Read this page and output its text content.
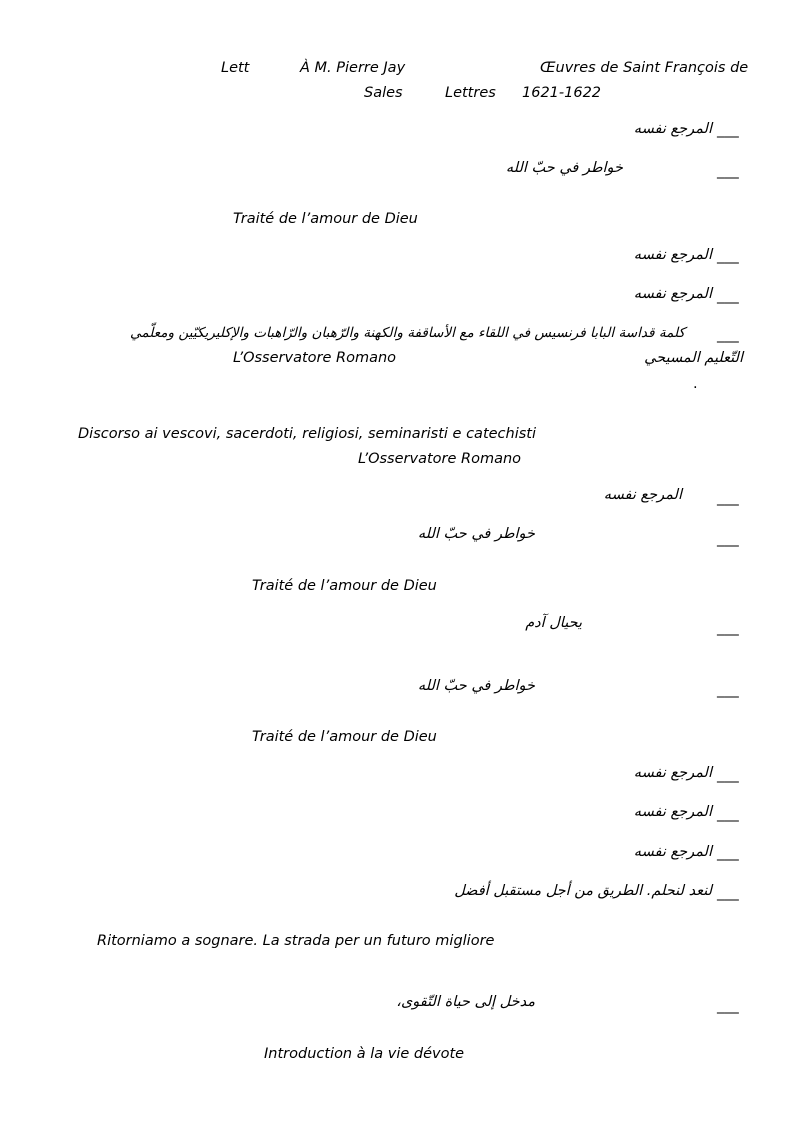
Lett	À M. Pierre Jay	Œuvres de Saint François de
Sales	Lettres 1621-1622
___
المرجع نفسه
___
خواطر في حبّ الله
Traité de l’amour de Dieu
___
المرجع نفسه
___
المرجع نفسه
___
كلمة قداسة البابا فرنسيس في اللقاء مع الأساقفة والكهنة والرّهبان والرّاهبات والإكليريكيّين ومعلّمي
التّعليم المسيحي
L’Osservatore Romano
.
Discorso ai vescovi, sacerdoti, religiosi, seminaristi e catechisti
L’Osservatore Romano
___
المرجع نفسه
___
خواطر في حبّ الله
Traité de l’amour de Dieu
___
يحيال آدم
___
خواطر في حبّ الله
Traité de l’amour de Dieu
___
المرجع نفسه
___
المرجع نفسه
___
المرجع نفسه
___
لنعد لنحلم. الطريق من أجل مستقبل أفضل
Ritorniamo a sognare. La strada per un futuro migliore
___
مدخل إلى حياة التّقوى،
Introduction à la vie dévote
